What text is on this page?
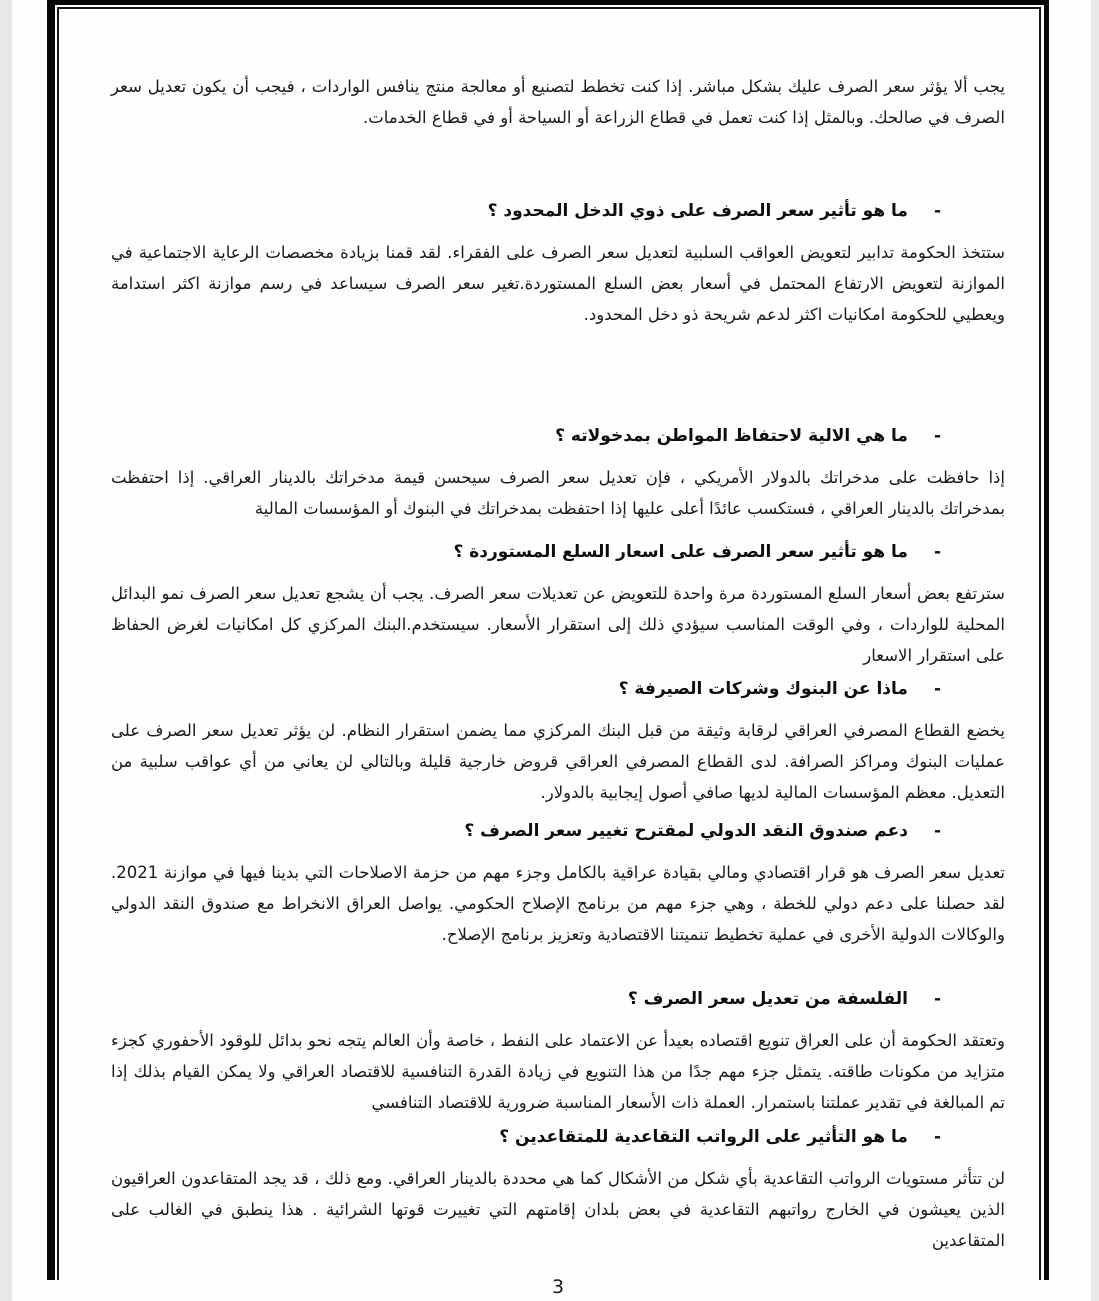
يجب ألا يؤثر سعر الصرف عليك بشكل مباشر. إذا كنت تخطط لتصنيع أو معالجة منتج ينافس الواردات ، فيجب أن يكون تعديل سعر الصرف في صالحك. وبالمثل إذا كنت تعمل في قطاع الزراعة أو السياحة أو في قطاع الخدمات.

-ما هو تأثير سعر الصرف على ذوي الدخل المحدود ؟

ستتخذ الحكومة تدابير لتعويض العواقب السلبية لتعديل سعر الصرف على الفقراء. لقد قمنا بزيادة مخصصات الرعاية الاجتماعية في الموازنة لتعويض الارتفاع المحتمل في أسعار بعض السلع المستوردة.تغير سعر الصرف سيساعد في رسم موازنة اكثر استدامة ويعطيي للحكومة امكانيات اكثر لدعم شريحة ذو دخل المحدود.

-ما هي الالية لاحتفاظ المواطن بمدخولاته ؟

إذا حافظت على مدخراتك بالدولار الأمريكي ، فإن تعديل سعر الصرف سيحسن قيمة مدخراتك بالدينار العراقي. إذا احتفظت بمدخراتك بالدينار العراقي ، فستكسب عائدًا أعلى عليها إذا احتفظت بمدخراتك في البنوك أو المؤسسات المالية

-ما هو تأثير سعر الصرف على اسعار السلع المستوردة ؟

سترتفع بعض أسعار السلع المستوردة مرة واحدة للتعويض عن تعديلات سعر الصرف. يجب أن يشجع تعديل سعر الصرف نمو البدائل المحلية للواردات ، وفي الوقت المناسب سيؤدي ذلك إلى استقرار الأسعار. سيستخدم.البنك المركزي كل امكانيات لغرض الحفاظ على استقرار الاسعار

-ماذا عن البنوك وشركات الصيرفة ؟

يخضع القطاع المصرفي العراقي لرقابة وثيقة من قبل البنك المركزي مما يضمن استقرار النظام. لن يؤثر تعديل سعر الصرف على عمليات البنوك ومراكز الصرافة. لدى القطاع المصرفي العراقي قروض خارجية قليلة وبالتالي لن يعاني من أي عواقب سلبية من التعديل. معظم المؤسسات المالية لديها صافي أصول إيجابية بالدولار.

-دعم صندوق النقد الدولي لمقترح تغيير سعر الصرف ؟

تعديل سعر الصرف هو قرار اقتصادي ومالي بقيادة عراقية بالكامل وجزء مهم من حزمة الاصلاحات التي بدينا فيها في موازنة 2021. لقد حصلنا على دعم دولي للخطة ، وهي جزء مهم من برنامج الإصلاح الحكومي. يواصل العراق الانخراط مع صندوق النقد الدولي والوكالات الدولية الأخرى في عملية تخطيط تنميتنا الاقتصادية وتعزيز برنامج الإصلاح.

-الفلسفة من تعديل سعر الصرف ؟

وتعتقد الحكومة أن على العراق تنويع اقتصاده بعيدأ عن الاعتماد على النفط ، خاصة وأن العالم يتجه نحو بدائل للوقود الأحفوري كجزء متزايد من مكونات طاقته. يتمثل جزء مهم جدًا من هذا التنويع في زيادة القدرة التنافسية للاقتصاد العراقي ولا يمكن القيام بذلك إذا تم المبالغة في تقدير عملتنا باستمرار. العملة ذات الأسعار المناسبة ضرورية للاقتصاد التنافسي

-ما هو التأثير على الرواتب التقاعدية للمتقاعدين ؟

لن تتأثر مستويات الرواتب التقاعدية بأي شكل من الأشكال كما هي محددة بالدينار العراقي. ومع ذلك ، قد يجد المتقاعدون العراقيون الذين يعيشون في الخارج رواتبهم التقاعدية في بعض بلدان إقامتهم التي تغييرت قوتها الشرائية . هذا ينطبق في الغالب على المتقاعدين

3
